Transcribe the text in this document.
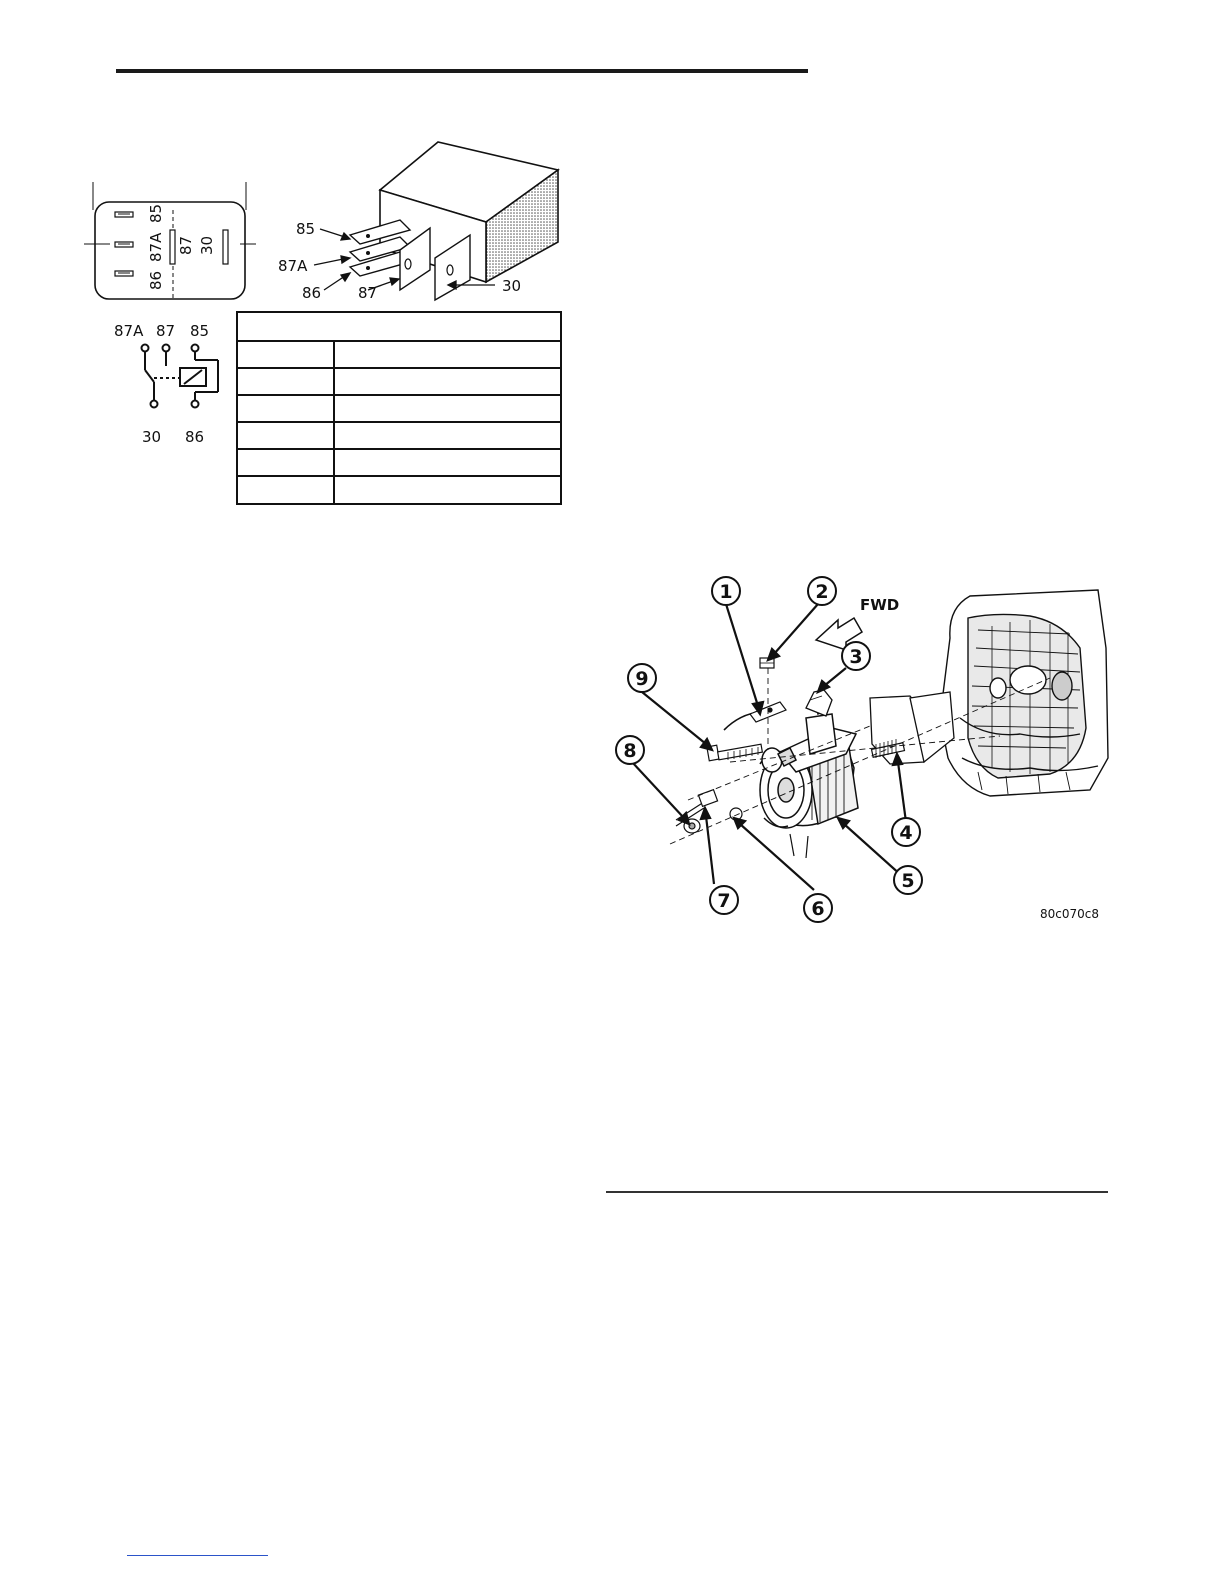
85
87A
86
87 30
85
87A
86 87	30
87A 87 85
30 86
FWD
1	2
3
4
5
6
7
8
9
80c070c8
